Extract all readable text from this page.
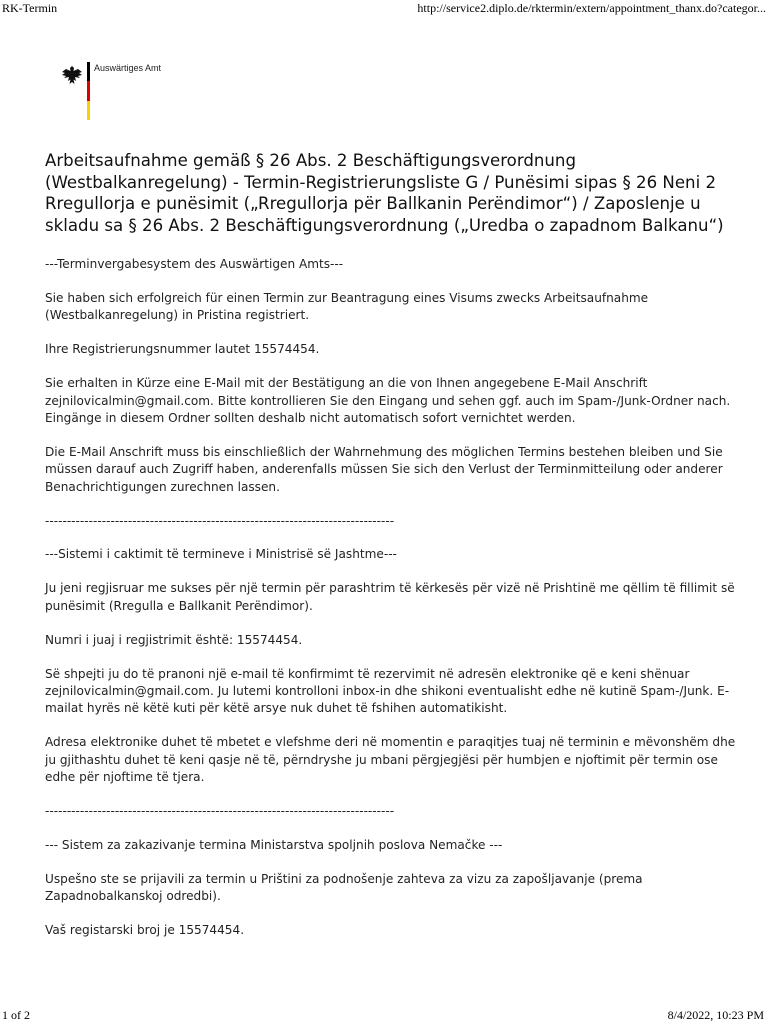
RK-Termin	http://service2.diplo.de/rktermin/extern/appointment_thanx.do?categor...
Auswärtiges Amt
Arbeitsaufnahme gemäß § 26 Abs. 2 Beschäftigungsverordnung (Westbalkanregelung) - Termin-Registrierungsliste G / Punësimi sipas § 26 Neni 2 Rregullorja e punësimit („Rregullorja për Ballkanin Perëndimor“) / Zaposlenje u skladu sa § 26 Abs. 2 Beschäftigungsverordnung („Uredba o zapadnom Balkanu“)

---Terminvergabesystem des Auswärtigen Amts---

Sie haben sich erfolgreich für einen Termin zur Beantragung eines Visums zwecks Arbeitsaufnahme (Westbalkanregelung) in Pristina registriert.

Ihre Registrierungsnummer lautet 15574454.

Sie erhalten in Kürze eine E-Mail mit der Bestätigung an die von Ihnen angegebene E-Mail Anschrift zejnilovicalmin@gmail.com. Bitte kontrollieren Sie den Eingang und sehen ggf. auch im Spam-/Junk-Ordner nach. Eingänge in diesem Ordner sollten deshalb nicht automatisch sofort vernichtet werden.

Die E-Mail Anschrift muss bis einschließlich der Wahrnehmung des möglichen Termins bestehen bleiben und Sie müssen darauf auch Zugriff haben, anderenfalls müssen Sie sich den Verlust der Terminmitteilung oder anderer Benachrichtigungen zurechnen lassen.

--------------------------------------------------------------------------------

---Sistemi i caktimit të termineve i Ministrisë së Jashtme---

Ju jeni regjisruar me sukses për një termin për parashtrim të kërkesës për vizë në Prishtinë me qëllim të fillimit së punësimit (Rregulla e Ballkanit Perëndimor).

Numri i juaj i regjistrimit është: 15574454.

Së shpejti ju do të pranoni një e-mail të konfirmimt të rezervimit në adresën elektronike që e keni shënuar zejnilovicalmin@gmail.com. Ju lutemi kontrolloni inbox-in dhe shikoni eventualisht edhe në kutinë Spam-/Junk. E-mailat hyrës në këtë kuti për këtë arsye nuk duhet të fshihen automatikisht.

Adresa elektronike duhet të mbetet e vlefshme deri në momentin e paraqitjes tuaj në terminin e mëvonshëm dhe ju gjithashtu duhet të keni qasje në të, përndryshe ju mbani përgjegjësi për humbjen e njoftimit për termin ose edhe për njoftime të tjera.

--------------------------------------------------------------------------------

--- Sistem za zakazivanje termina Ministarstva spoljnih poslova Nemačke ---

Uspešno ste se prijavili za termin u Prištini za podnošenje zahteva za vizu za zapošljavanje (prema Zapadnobalkanskoj odredbi).

Vaš registarski broj je 15574454.

1 of 2	8/4/2022, 10:23 PM
